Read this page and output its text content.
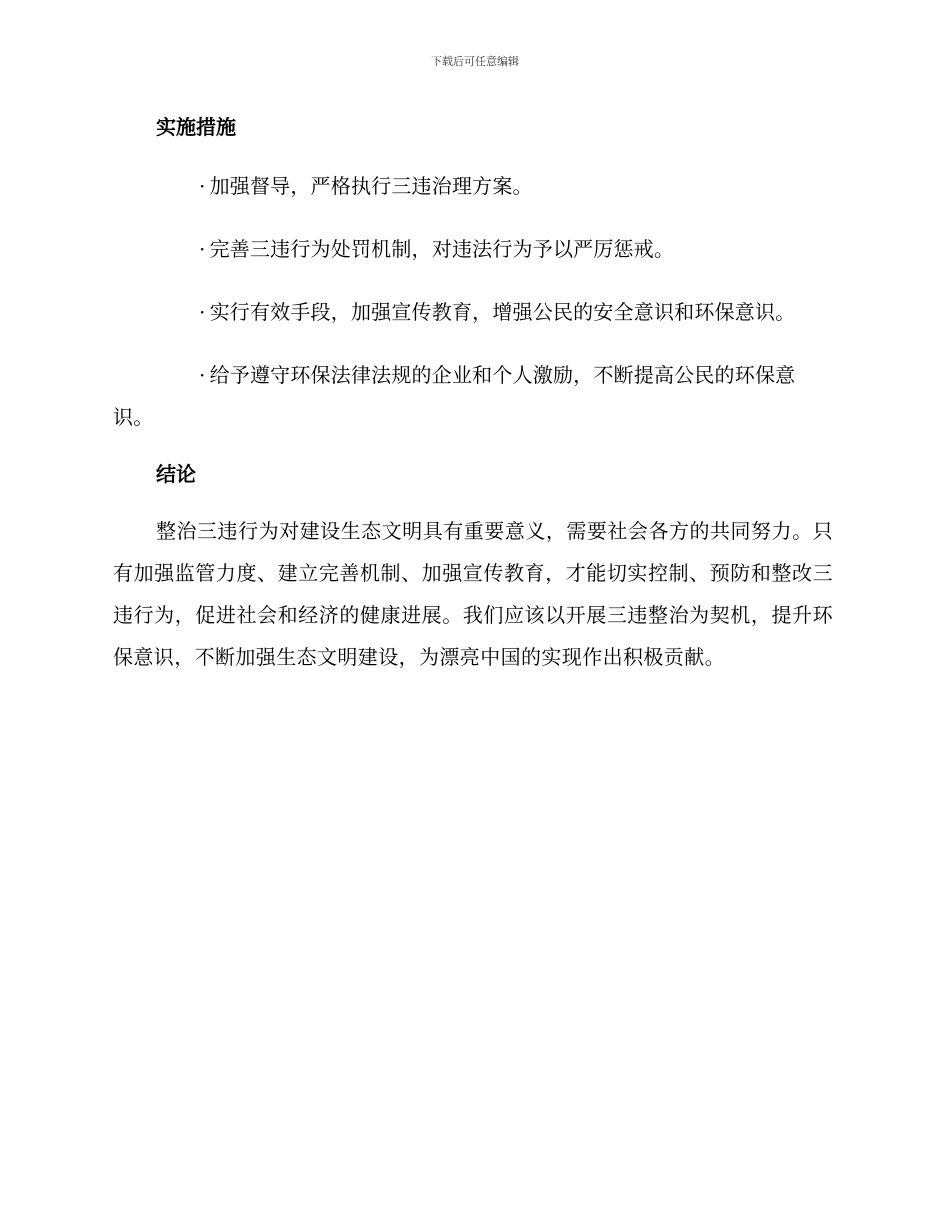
下载后可任意编辑
实施措施
· 加强督导，严格执行三违治理方案。
· 完善三违行为处罚机制，对违法行为予以严厉惩戒。
· 实行有效手段，加强宣传教育，增强公民的安全意识和环保意识。
· 给予遵守环保法律法规的企业和个人激励，不断提高公民的环保意识。
结论

整治三违行为对建设生态文明具有重要意义，需要社会各方的共同努力。只有加强监管力度、建立完善机制、加强宣传教育，才能切实控制、预防和整改三违行为，促进社会和经济的健康进展。我们应该以开展三违整治为契机，提升环保意识，不断加强生态文明建设，为漂亮中国的实现作出积极贡献。
